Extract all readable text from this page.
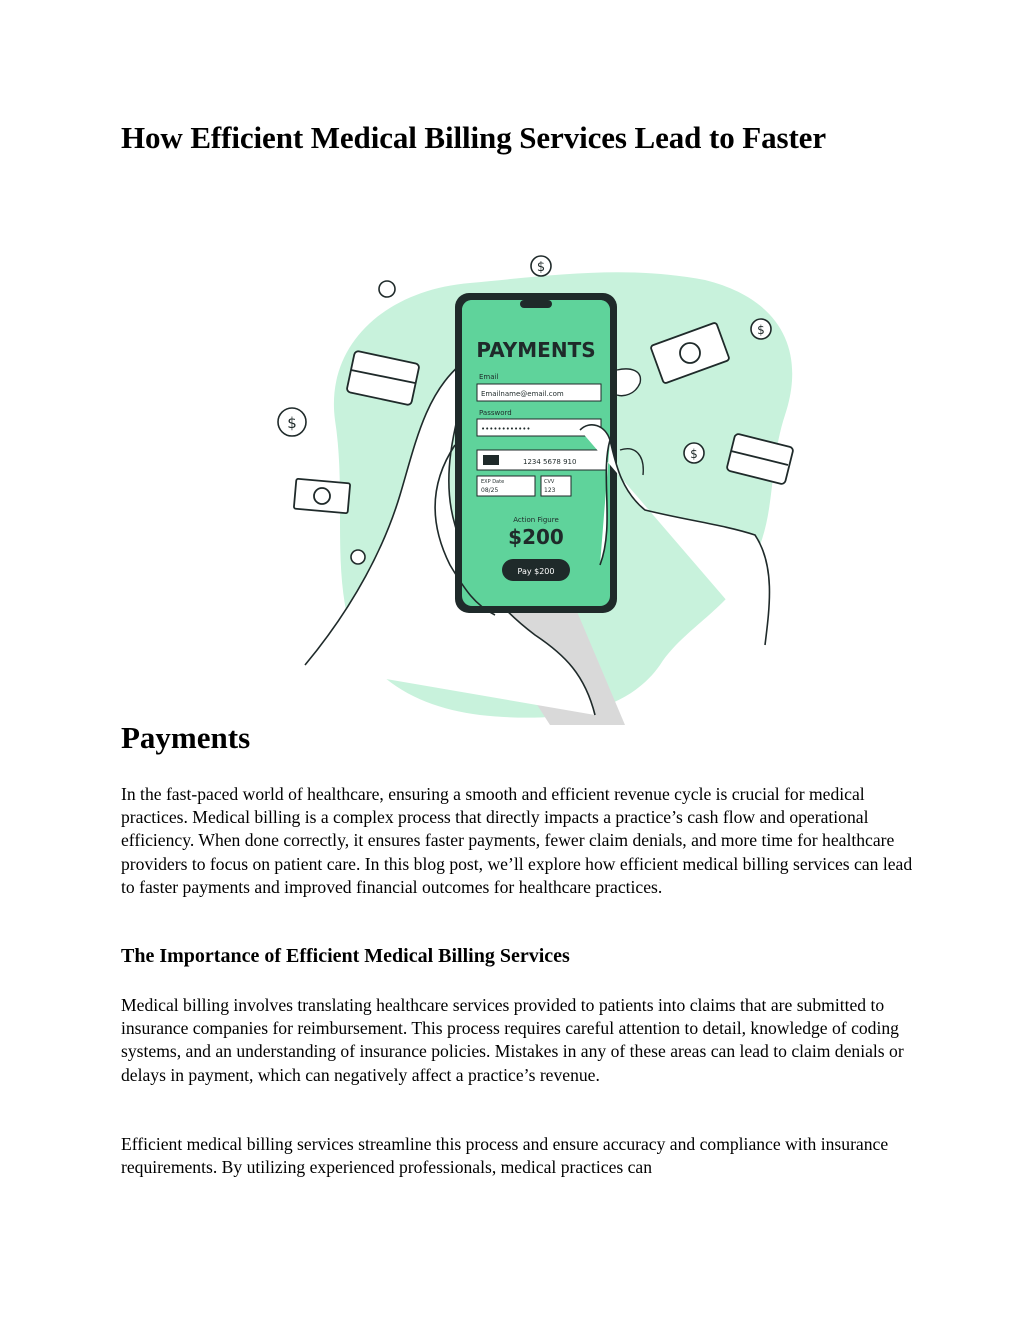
How Efficient Medical Billing Services Lead to Faster
$
$
$
$
PAYMENTS
Email
Emailname@email.com
Password
••••••••••••
1234 5678 910
EXP Date
08/25
CVV
123
Action Figure
$200
Pay $200
Payments

In the fast-paced world of healthcare, ensuring a smooth and efficient revenue cycle is crucial for medical practices. Medical billing is a complex process that directly impacts a practice’s cash flow and operational efficiency. When done correctly, it ensures faster payments, fewer claim denials, and more time for healthcare providers to focus on patient care. In this blog post, we’ll explore how efficient medical billing services can lead to faster payments and improved financial outcomes for healthcare practices.

The Importance of Efficient Medical Billing Services

Medical billing involves translating healthcare services provided to patients into claims that are submitted to insurance companies for reimbursement. This process requires careful attention to detail, knowledge of coding systems, and an understanding of insurance policies. Mistakes in any of these areas can lead to claim denials or delays in payment, which can negatively affect a practice’s revenue.

Efficient medical billing services streamline this process and ensure accuracy and compliance with insurance requirements. By utilizing experienced professionals, medical practices can
